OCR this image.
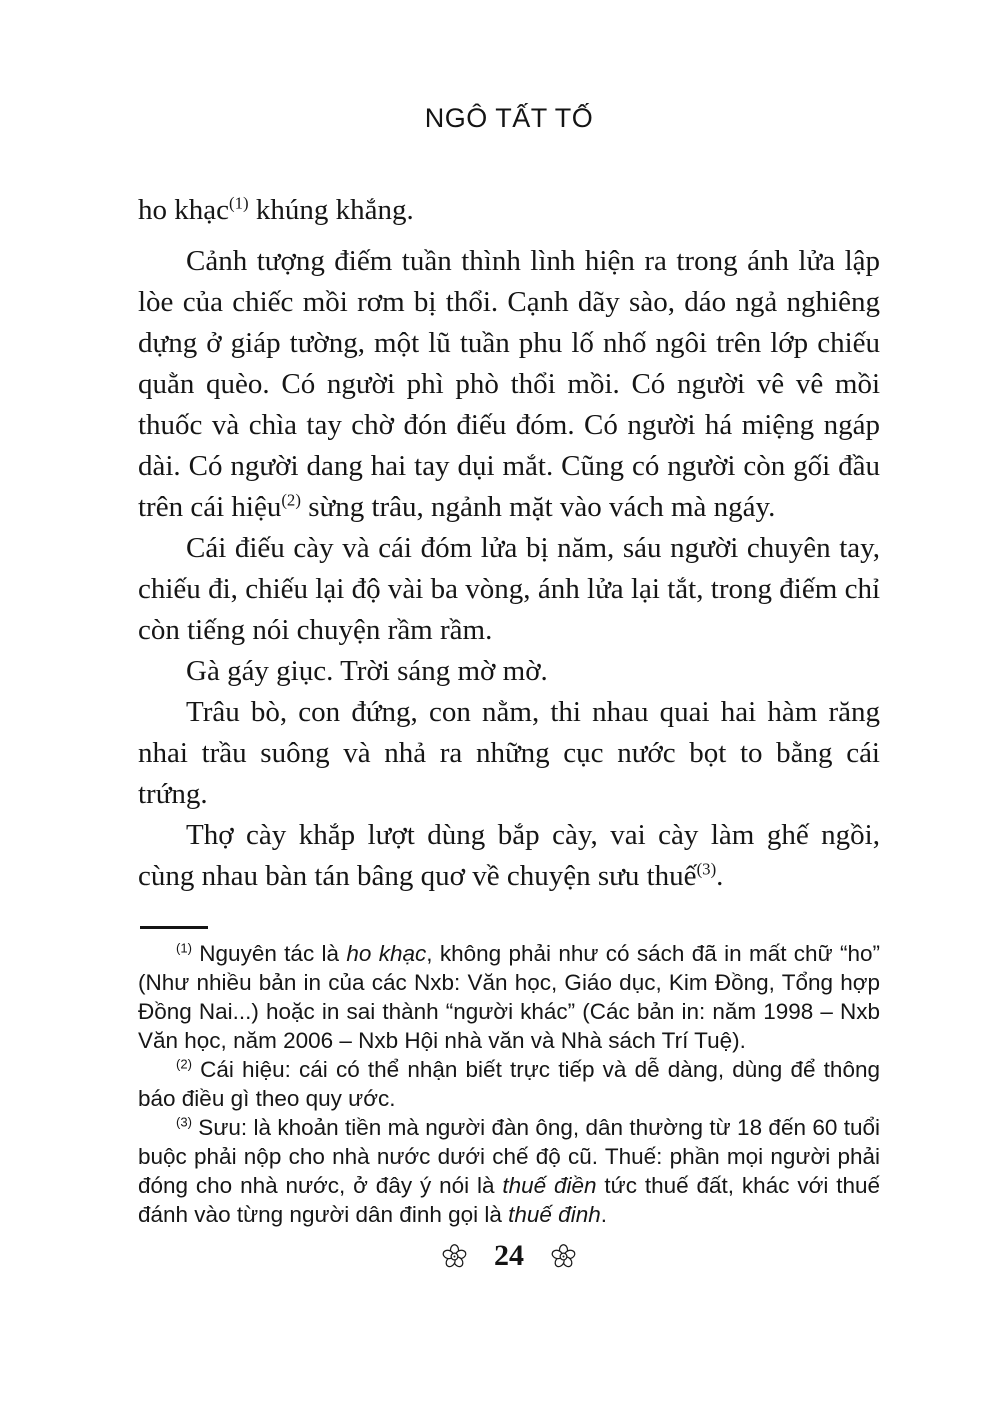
NGÔ TẤT TỐ

ho khạc$^{(1)}$ khúng khắng.

Cảnh tượng điếm tuần thình lình hiện ra trong ánh lửa lập lòe của chiếc mồi rơm bị thổi. Cạnh dãy sào, dáo ngả nghiêng dựng ở giáp tường, một lũ tuần phu lố nhố ngôi trên lớp chiếu quằn quèo. Có người phì phò thổi mồi. Có người vê vê mồi thuốc và chìa tay chờ đón điếu đóm. Có người há miệng ngáp dài. Có người dang hai tay dụi mắt. Cũng có người còn gối đầu trên cái hiệu$^{(2)}$ sừng trâu, ngảnh mặt vào vách mà ngáy.

Cái điếu cày và cái đóm lửa bị năm, sáu người chuyên tay, chiếu đi, chiếu lại độ vài ba vòng, ánh lửa lại tắt, trong điếm chỉ còn tiếng nói chuyện rầm rầm.

Gà gáy giục. Trời sáng mờ mờ.

Trâu bò, con đứng, con nằm, thi nhau quai hai hàm răng nhai trầu suông và nhả ra những cục nước bọt to bằng cái trứng.

Thợ cày khắp lượt dùng bắp cày, vai cày làm ghế ngồi, cùng nhau bàn tán bâng quơ về chuyện sưu thuế$^{(3)}$.

$^{(1)}$ Nguyên tác là ho khạc, không phải như có sách đã in mất chữ “ho” (Như nhiều bản in của các Nxb: Văn học, Giáo dục, Kim Đồng, Tổng hợp Đồng Nai...) hoặc in sai thành “người khác” (Các bản in: năm 1998 – Nxb Văn học, năm 2006 – Nxb Hội nhà văn và Nhà sách Trí Tuệ).

$^{(2)}$ Cái hiệu: cái có thể nhận biết trực tiếp và dễ dàng, dùng để thông báo điều gì theo quy ước.

$^{(3)}$ Sưu: là khoản tiền mà người đàn ông, dân thường từ 18 đến 60 tuổi buộc phải nộp cho nhà nước dưới chế độ cũ. Thuế: phần mọi người phải đóng cho nhà nước, ở đây ý nói là thuế điền tức thuế đất, khác với thuế đánh vào từng người dân đinh gọi là thuế đinh.

24
